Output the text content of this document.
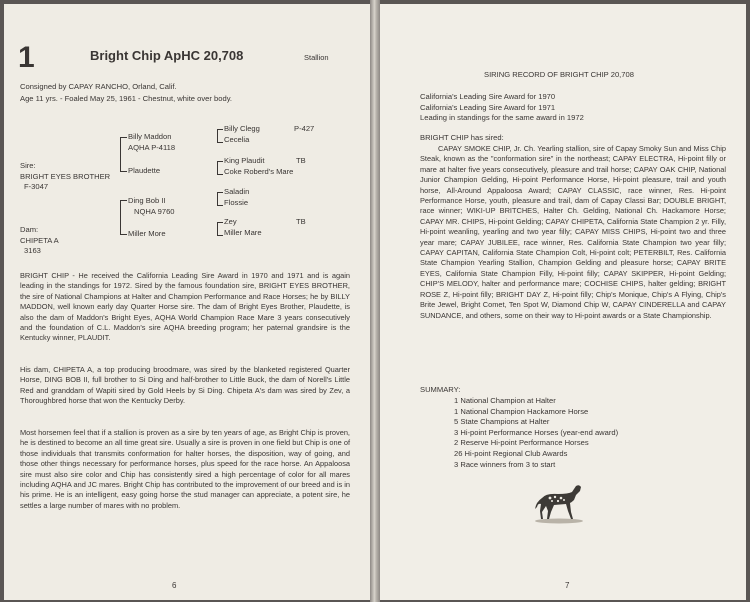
1	Bright Chip ApHC 20,708	Stallion
Consigned by CAPAY RANCHO, Orland, Calif.
Age 11 yrs. - Foaled May 25, 1961 - Chestnut, white over body.
Sire:
BRIGHT EYES BROTHER
F-3047
Dam:
CHIPETA A
3163
Billy Maddon
AQHA P-4118
Plaudette
Ding Bob II
NQHA 9760
Miller More
Billy Clegg	P-427
Cecelia
King Plaudit	TB
Coke Roberd's Mare
Saladin
Flossie
Zey	TB
Miller Mare
BRIGHT CHIP - He received the California Leading Sire Award in 1970 and 1971 and is again leading in the standings for 1972. Sired by the famous foundation sire, BRIGHT EYES BROTHER, the sire of National Champions at Halter and Champion Performance and Race Horses; he by BILLY MADDON, well known early day Quarter Horse sire. The dam of Bright Eyes Brother, Plaudette, is also the dam of Maddon's Bright Eyes, AQHA World Champion Race Mare 3 years consecutively and the foundation of C.L. Maddon's sire AQHA breeding program; her paternal grandsire is the Kentucky winner, PLAUDIT.
His dam, CHIPETA A, a top producing broodmare, was sired by the blanketed registered Quarter Horse, DING BOB II, full brother to Si Ding and half-brother to Little Buck, the dam of Norell's Little Red and granddam of Wapiti sired by Gold Heels by Si Ding. Chipeta A's dam was sired by Zev, a Thoroughbred horse that won the Kentucky Derby.
Most horsemen feel that if a stallion is proven as a sire by ten years of age, as Bright Chip is proven, he is destined to become an all time great sire. Usually a sire is proven in one field but Chip is one of those individuals that transmits conformation for halter horses, the disposition, way of going, and those other things necessary for performance horses, plus speed for the race horse. An Appaloosa sire must also sire color and Chip has consistently sired a high percentage of color for all mares including AQHA and JC mares. Bright Chip has contributed to the improvement of our breed and is in his prime. He is an intelligent, easy going horse the stud manager can appreciate, a potent sire, he settles a large number of mares with no problem.
6
SIRING RECORD OF BRIGHT CHIP 20,708
California's Leading Sire Award for 1970
California's Leading Sire Award for 1971
Leading in standings for the same award in 1972
BRIGHT CHIP has sired:
CAPAY SMOKE CHIP, Jr. Ch. Yearling stallion, sire of Capay Smoky Sun and Miss Chip Steak, known as the "conformation sire" in the northeast; CAPAY ELECTRA, Hi-point filly or mare at halter five years consecutively, pleasure and trail horse; CAPAY OAK CHIP, National Junior Champion Gelding, Hi-point Performance Horse, Hi-point pleasure, trail and youth horse, All-Around Appaloosa Award; CAPAY CLASSIC, race winner, Res. Hi-point Performance Horse, youth, pleasure and trail, dam of Capay Classi Bar; DOUBLE BRIGHT, race winner; WIKI-UP BRITCHES, Halter Ch. Gelding, National Ch. Hackamore Horse; CAPAY MR. CHIPS, Hi-point Gelding; CAPAY CHIPETA, California State Champion 2 yr. Filly, Hi-point weanling, yearling and two year filly; CAPAY MISS CHIPS, Hi-point two and three year mare; CAPAY JUBILEE, race winner, Res. California State Champion two year filly; CAPAY CAPITAN, California State Champion Colt, Hi-point colt; PETERBILT, Res. California State Champion Yearling Stallion, Champion Gelding and pleasure horse; CAPAY BRITE EYES, California State Champion Filly, Hi-point filly; CAPAY SKIPPER, Hi-point Gelding; CHIP'S MELODY, halter and performance mare; COCHISE CHIPS, halter gelding; BRIGHT ROSE Z, Hi-point filly; BRIGHT DAY Z, Hi-point filly; Chip's Monique, Chip's A Flying, Chip's Brite Jewel, Bright Comet, Ten Spot W, Diamond Chip W, CAPAY CINDERELLA and CAPAY SUNDANCE, and others, some on their way to Hi-point awards or a State Championship.
SUMMARY:
1 National Champion at Halter
1 National Champion Hackamore Horse
5 State Champions at Halter
3 Hi-point Performance Horses (year-end award)
2 Reserve Hi-point Performance Horses
26 Hi-point Regional Club Awards
3 Race winners from 3 to start
7
